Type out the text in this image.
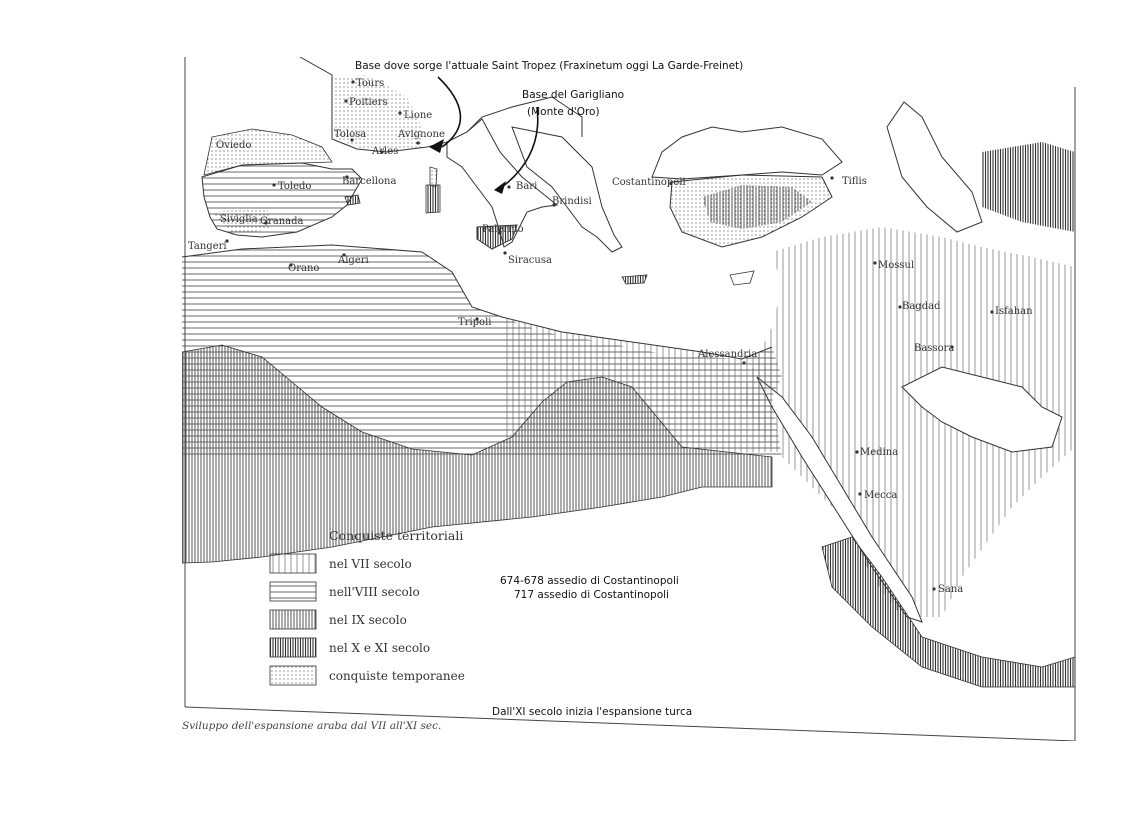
Tours
Poitiers
Lione
Tolosa	Avignone
Oviedo
Arles
Toledo	Barcellona
Siviglia Granada
Tangeri
Orano
Algeri
Bari
Brindisi
Palermo
Siracusa
Tripoli
Costantinopoli	Tiflis
Mossul
Bagdad	Isfahan
Bassora
Alessandria
Medina
Mecca
Sana
Base dove sorge l'attuale Saint Tropez (Fraxinetum oggi La Garde-Freinet)
Base del Garigliano
(Monte d'Oro)
674-678 assedio di Costantinopoli
717 assedio di Costantinopoli
Dall'XI secolo inizia l'espansione turca
Conquiste territoriali
nel VII secolo
nell'VIII secolo
nel IX secolo
nel X e XI secolo
conquiste temporanee
Sviluppo dell'espansione araba dal VII all'XI sec.
